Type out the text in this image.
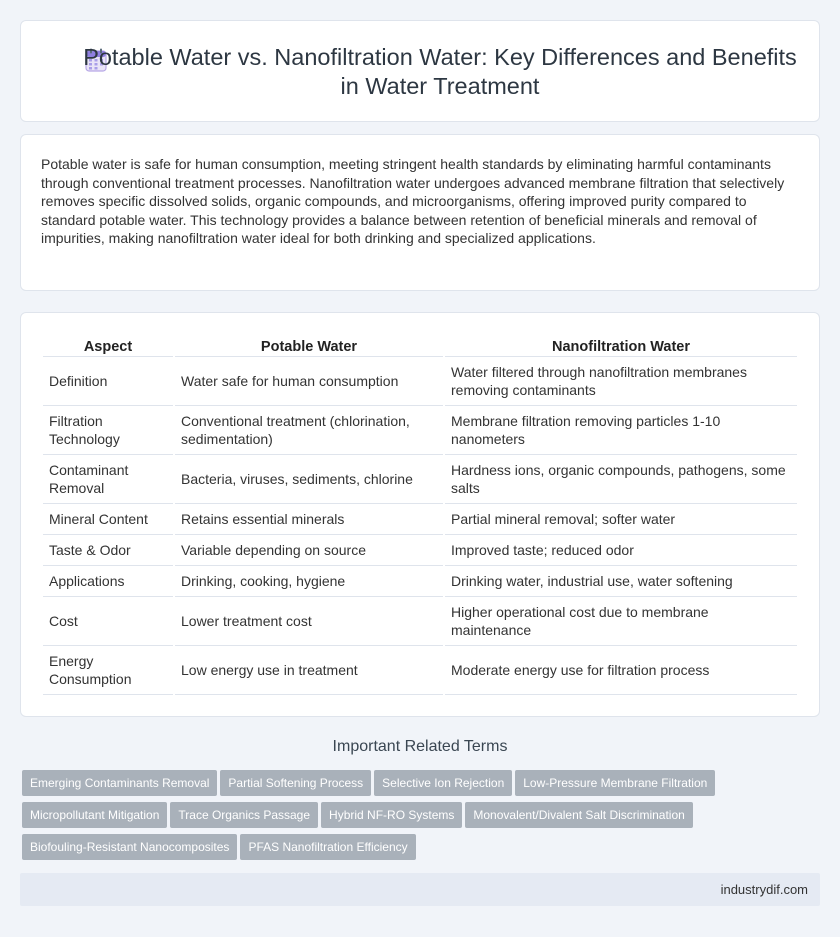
Potable Water vs. Nanofiltration Water: Key Differences and Benefits in Water Treatment

Potable water is safe for human consumption, meeting stringent health standards by eliminating harmful contaminants through conventional treatment processes. Nanofiltration water undergoes advanced membrane filtration that selectively removes specific dissolved solids, organic compounds, and microorganisms, offering improved purity compared to standard potable water. This technology provides a balance between retention of beneficial minerals and removal of impurities, making nanofiltration water ideal for both drinking and specialized applications.

Aspect	Potable Water	Nanofiltration Water
Definition	Water safe for human consumption	Water filtered through nanofiltration membranes removing contaminants
Filtration Technology	Conventional treatment (chlorination, sedimentation)	Membrane filtration removing particles 1-10 nanometers
Contaminant Removal	Bacteria, viruses, sediments, chlorine	Hardness ions, organic compounds, pathogens, some salts
Mineral Content	Retains essential minerals	Partial mineral removal; softer water
Taste & Odor	Variable depending on source	Improved taste; reduced odor
Applications	Drinking, cooking, hygiene	Drinking water, industrial use, water softening
Cost	Lower treatment cost	Higher operational cost due to membrane maintenance
Energy Consumption	Low energy use in treatment	Moderate energy use for filtration process
Important Related Terms
Emerging Contaminants Removal Partial Softening Process Selective Ion Rejection Low-Pressure Membrane Filtration
Micropollutant Mitigation Trace Organics Passage Hybrid NF-RO Systems Monovalent/Divalent Salt Discrimination
Biofouling-Resistant Nanocomposites PFAS Nanofiltration Efficiency
industrydif.com
